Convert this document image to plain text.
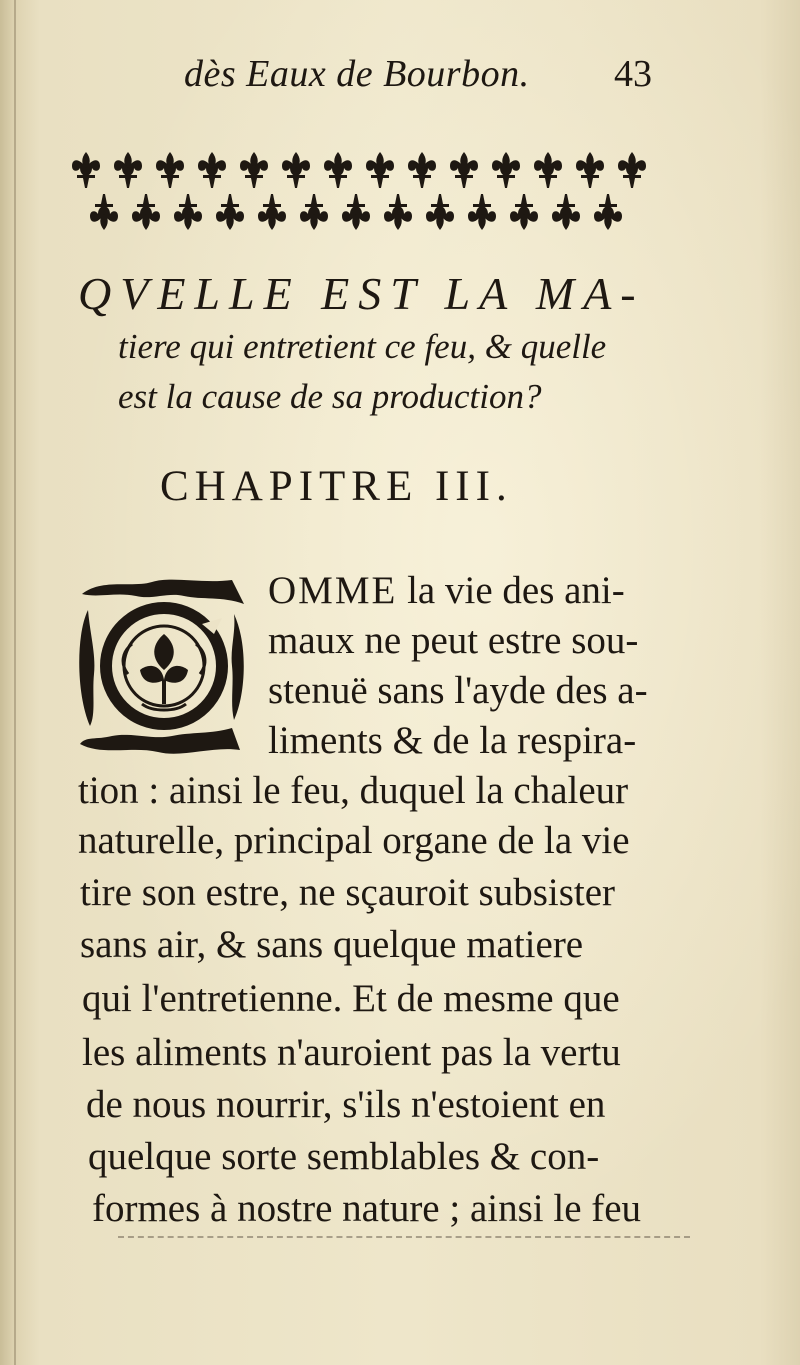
dès Eaux de Bourbon. 43
QVELLE EST LA MA-
tiere qui entretient ce feu, & quelle
est la cause de sa production?
CHAPITRE III.
OMME la vie des ani-
maux ne peut estre sou-
stenuë sans l'ayde des a-
liments & de la respira-
tion : ainsi le feu, duquel la chaleur
naturelle, principal organe de la vie
tire son estre, ne sçauroit subsister
sans air, & sans quelque matiere
qui l'entretienne. Et de mesme que
les aliments n'auroient pas la vertu
de nous nourrir, s'ils n'estoient en
quelque sorte semblables & con-
formes à nostre nature ; ainsi le feu
